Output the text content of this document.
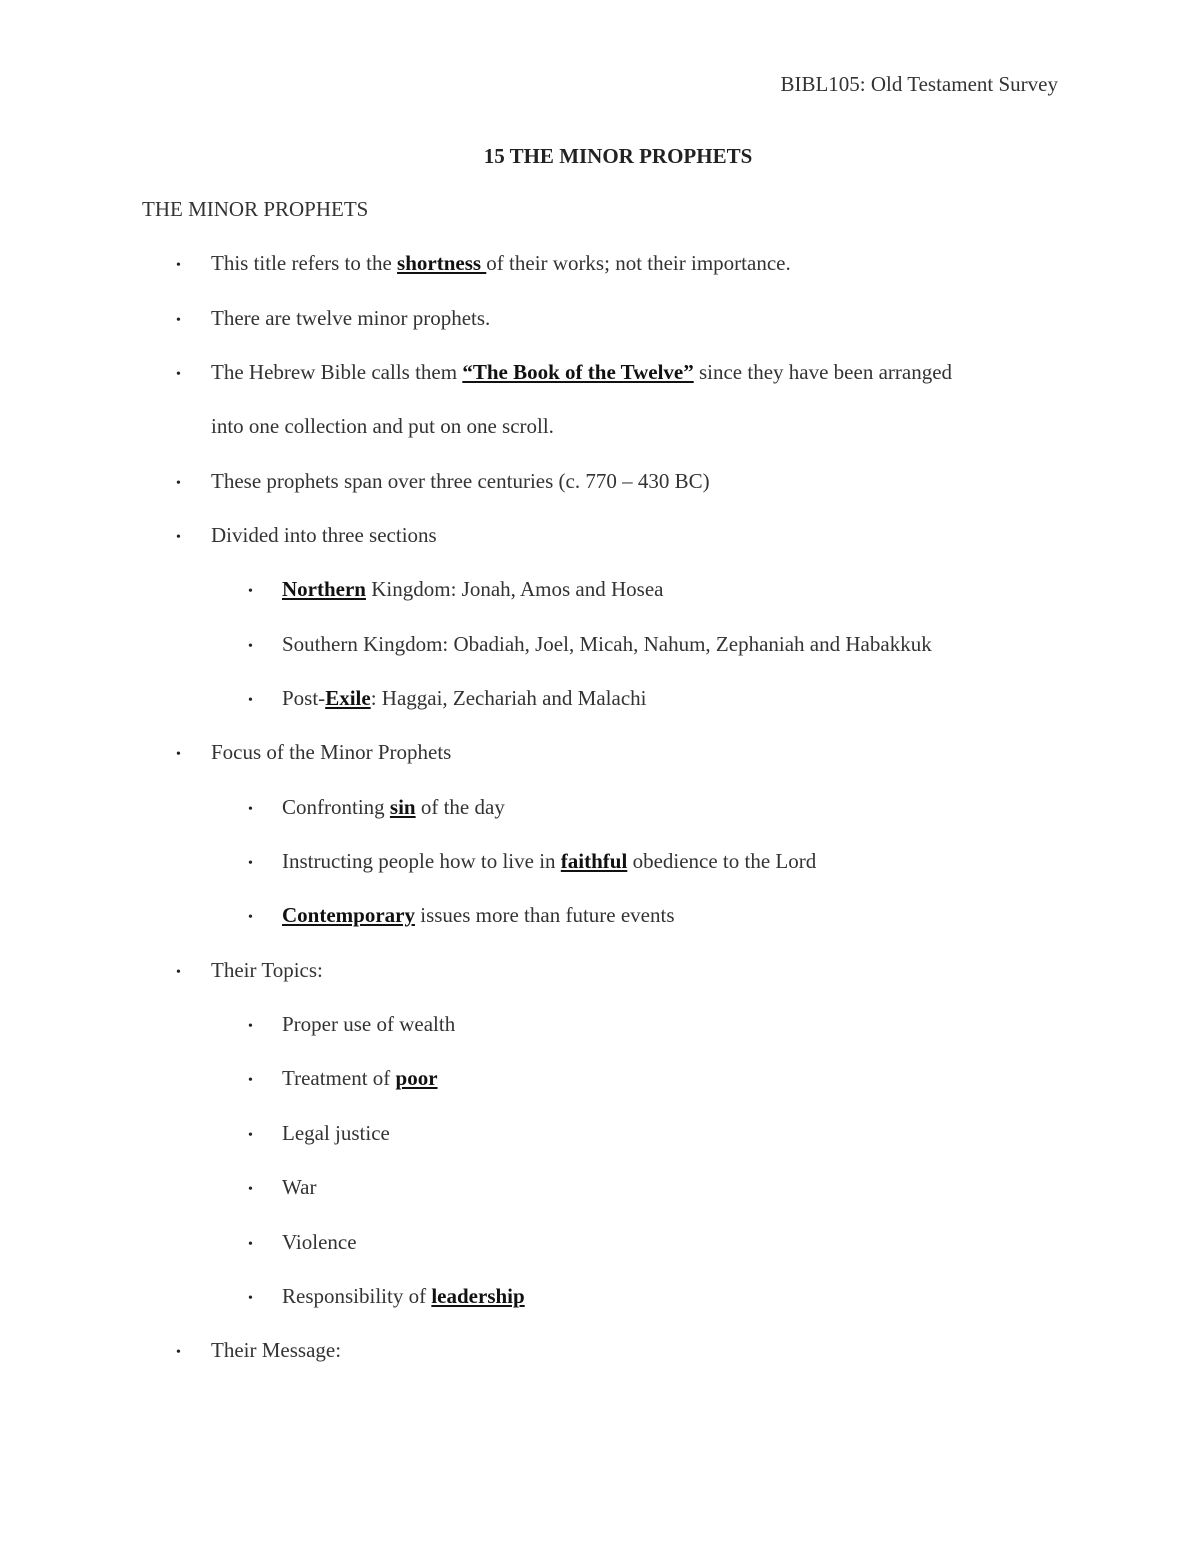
BIBL105: Old Testament Survey
15 THE MINOR PROPHETS
THE MINOR PROPHETS
• This title refers to the shortness of their works; not their importance.
• There are twelve minor prophets.
• The Hebrew Bible calls them “The Book of the Twelve” since they have been arranged
into one collection and put on one scroll.
• These prophets span over three centuries (c. 770 – 430 BC)
• Divided into three sections
• Northern Kingdom: Jonah, Amos and Hosea
• Southern Kingdom: Obadiah, Joel, Micah, Nahum, Zephaniah and Habakkuk
• Post-Exile: Haggai, Zechariah and Malachi
• Focus of the Minor Prophets
• Confronting sin of the day
• Instructing people how to live in faithful obedience to the Lord
• Contemporary issues more than future events
• Their Topics:
• Proper use of wealth
• Treatment of poor
• Legal justice
• War
• Violence
• Responsibility of leadership
• Their Message:
